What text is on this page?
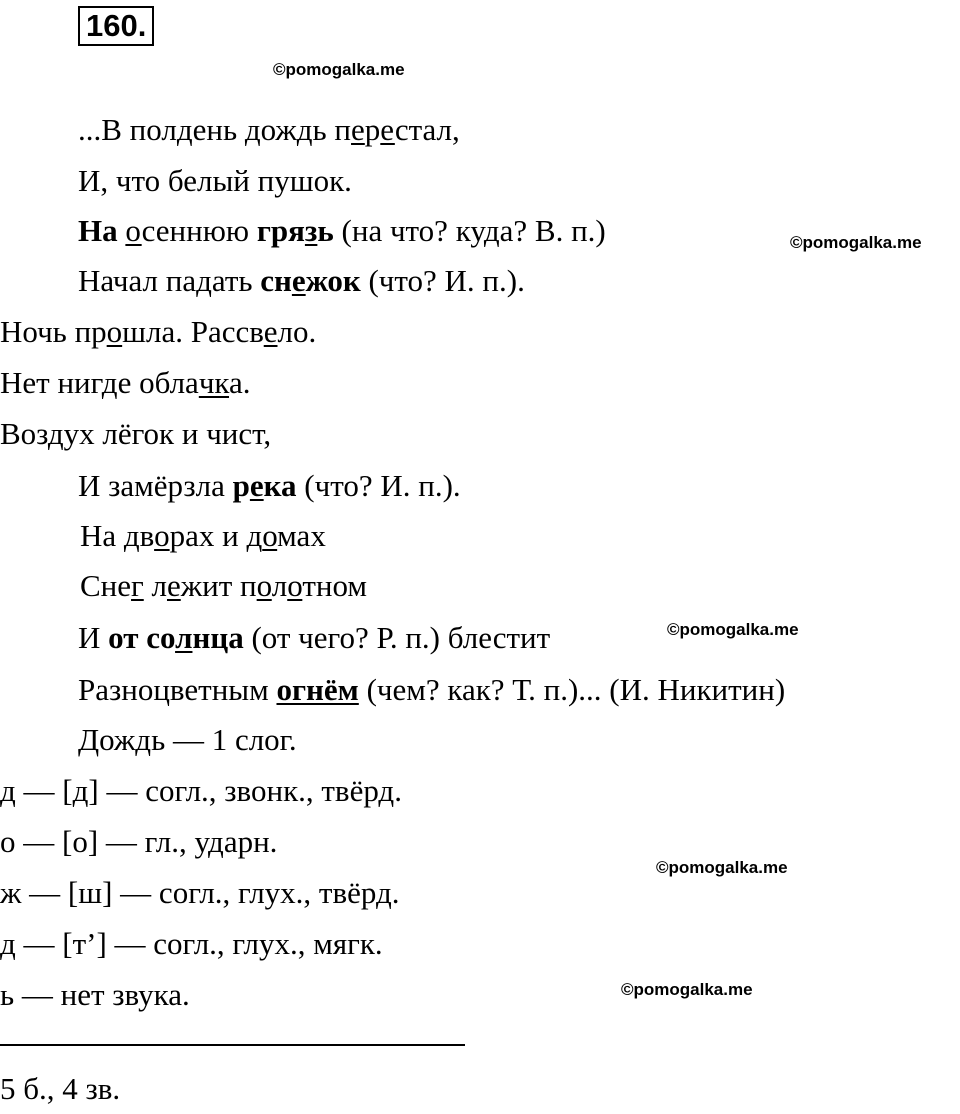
160.
©pomogalka.me
©pomogalka.me
©pomogalka.me
©pomogalka.me
©pomogalka.me
...В полдень дождь перестал,
И, что белый пушок.
На осеннюю грязь (на что? куда? В. п.)
Начал падать снежок (что? И. п.).
Ночь прошла. Рассвело.
Нет нигде облaчка.
Воздух лёгок и чист,
И замёрзла река (что? И. п.).
На дворах и домах
Снег лежит полотном
И от солнца (от чего? Р. п.) блестит
Разноцветным огнём (чем? как? Т. п.)... (И. Никитин)
Дождь — 1 слог.
д — [д] — согл., звонк., твёрд.
о — [о] — гл., ударн.
ж — [ш] — согл., глух., твёрд.
д — [т’] — согл., глух., мягк.
ь — нет звука.
5 б., 4 зв.
